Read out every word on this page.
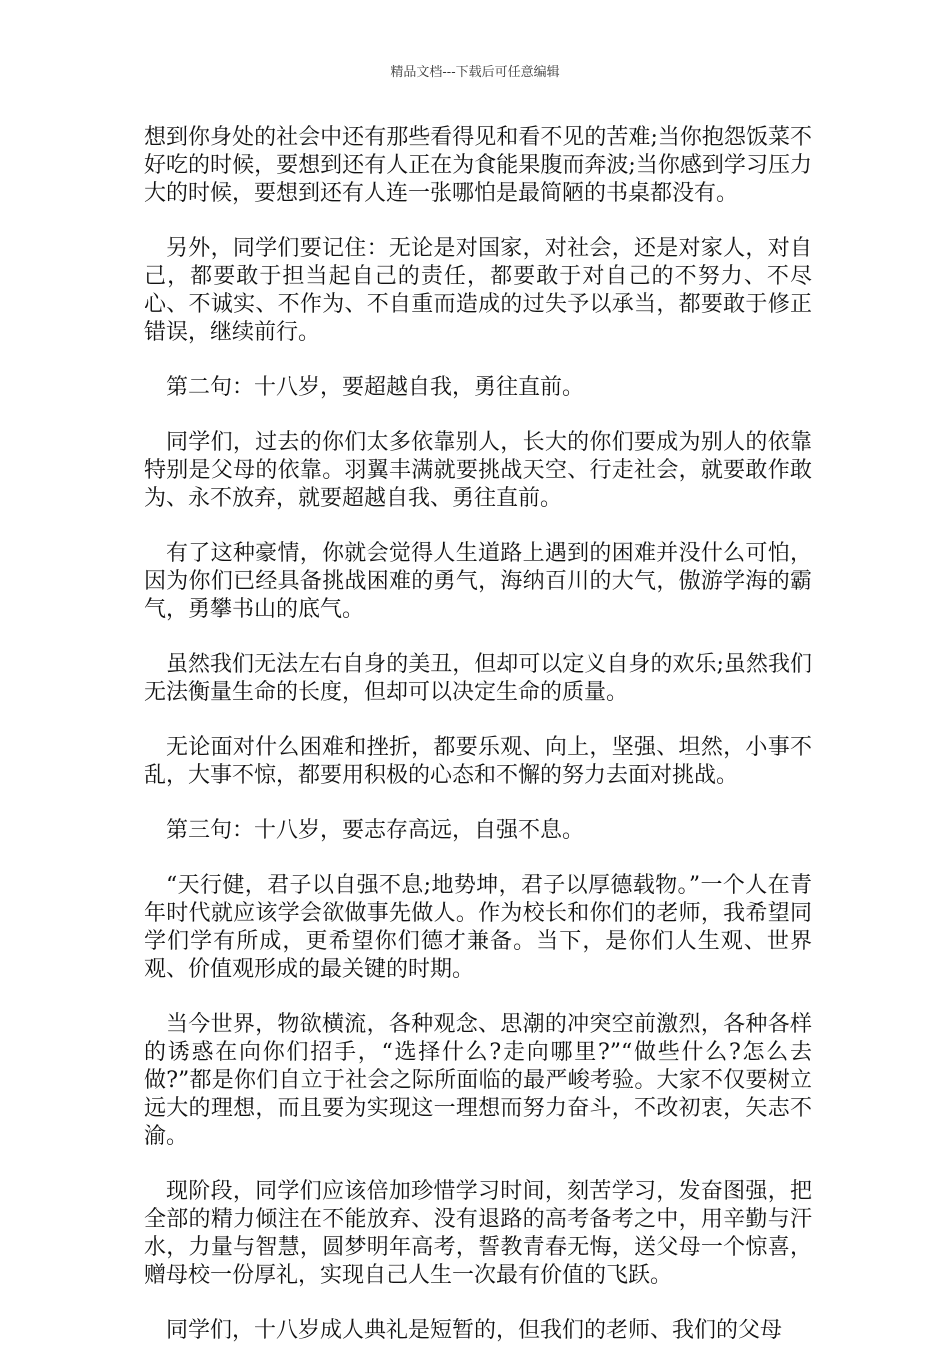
精品文档---下载后可任意编辑

想到你身处的社会中还有那些看得见和看不见的苦难;当你抱怨饭菜不好吃的时候，要想到还有人正在为食能果腹而奔波;当你感到学习压力大的时候，要想到还有人连一张哪怕是最简陋的书桌都没有。

另外，同学们要记住：无论是对国家，对社会，还是对家人，对自己，都要敢于担当起自己的责任，都要敢于对自己的不努力、不尽心、不诚实、不作为、不自重而造成的过失予以承当，都要敢于修正错误，继续前行。

第二句：十八岁，要超越自我，勇往直前。

同学们，过去的你们太多依靠别人，长大的你们要成为别人的依靠特别是父母的依靠。羽翼丰满就要挑战天空、行走社会，就要敢作敢为、永不放弃，就要超越自我、勇往直前。

有了这种豪情，你就会觉得人生道路上遇到的困难并没什么可怕，因为你们已经具备挑战困难的勇气，海纳百川的大气，傲游学海的霸气，勇攀书山的底气。

虽然我们无法左右自身的美丑，但却可以定义自身的欢乐;虽然我们无法衡量生命的长度，但却可以决定生命的质量。

无论面对什么困难和挫折，都要乐观、向上，坚强、坦然，小事不乱，大事不惊，都要用积极的心态和不懈的努力去面对挑战。

第三句：十八岁，要志存高远，自强不息。

“天行健，君子以自强不息;地势坤，君子以厚德载物。”一个人在青年时代就应该学会欲做事先做人。作为校长和你们的老师，我希望同学们学有所成，更希望你们德才兼备。当下，是你们人生观、世界观、价值观形成的最关键的时期。

当今世界，物欲横流，各种观念、思潮的冲突空前激烈，各种各样的诱惑在向你们招手，“选择什么?走向哪里?”“做些什么?怎么去做?”都是你们自立于社会之际所面临的最严峻考验。大家不仅要树立远大的理想，而且要为实现这一理想而努力奋斗，不改初衷，矢志不渝。

现阶段，同学们应该倍加珍惜学习时间，刻苦学习，发奋图强，把全部的精力倾注在不能放弃、没有退路的高考备考之中，用辛勤与汗水，力量与智慧，圆梦明年高考，誓教青春无悔，送父母一个惊喜，赠母校一份厚礼，实现自己人生一次最有价值的飞跃。

同学们，十八岁成人典礼是短暂的，但我们的老师、我们的父母
